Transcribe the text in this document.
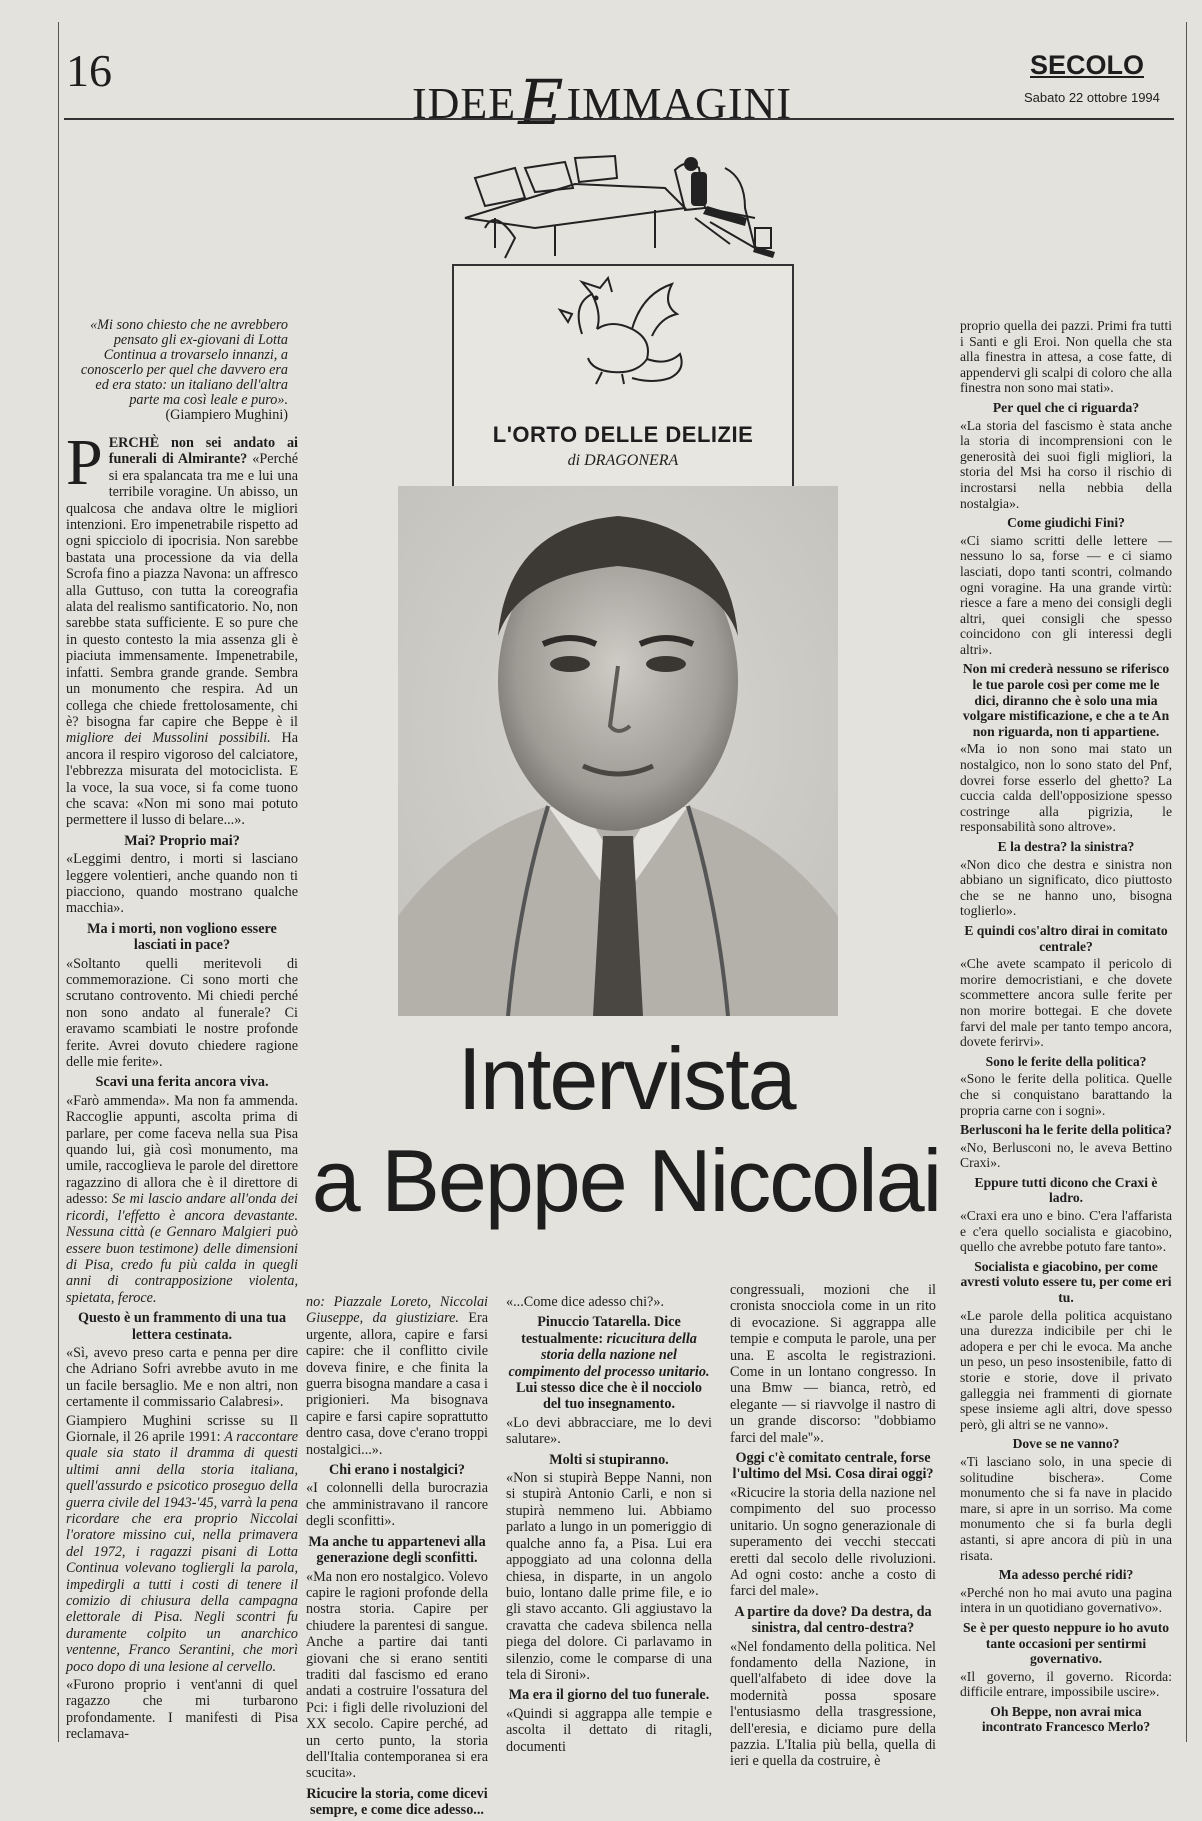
16
IDEEEIMMAGINI
SECOLO
Sabato 22 ottobre 1994
L'ORTO DELLE DELIZIE
di DRAGONERA
Intervista
a Beppe Niccolai
«Mi sono chiesto che ne avrebbero pensato gli ex-giovani di Lotta Continua a trovarselo innanzi, a conoscerlo per quel che davvero era ed era stato: un italiano dell'altra parte ma così leale e puro».
(Giampiero Mughini)
P ERCHÈ non sei andato ai funerali di Almirante? «Perché si era spalancata tra me e lui una terribile voragine. Un abisso, un qualcosa che andava oltre le migliori intenzioni. Ero impenetrabile rispetto ad ogni spicciolo di ipocrisia. Non sarebbe bastata una processione da via della Scrofa fino a piazza Navona: un affresco alla Guttuso, con tutta la coreografia alata del realismo santificatorio. No, non sarebbe stata sufficiente. E so pure che in questo contesto la mia assenza gli è piaciuta immensamente. Impenetrabile, infatti. Sembra grande grande. Sembra un monumento che respira. Ad un collega che chiede frettolosamente, chi è? bisogna far capire che Beppe è il migliore dei Mussolini possibili. Ha ancora il respiro vigoroso del calciatore, l'ebbrezza misurata del motociclista. E la voce, la sua voce, si fa come tuono che scava: «Non mi sono mai potuto permettere il lusso di belare...».

Mai? Proprio mai?

«Leggimi dentro, i morti si lasciano leggere volentieri, anche quando non ti piacciono, quando mostrano qualche macchia».

Ma i morti, non vogliono essere lasciati in pace?

«Soltanto quelli meritevoli di commemorazione. Ci sono morti che scrutano controvento. Mi chiedi perché non sono andato al funerale? Ci eravamo scambiati le nostre profonde ferite. Avrei dovuto chiedere ragione delle mie ferite».

Scavi una ferita ancora viva.

«Farò ammenda». Ma non fa ammenda. Raccoglie appunti, ascolta prima di parlare, per come faceva nella sua Pisa quando lui, già così monumento, ma umile, raccoglieva le parole del direttore ragazzino di allora che è il direttore di adesso: Se mi lascio andare all'onda dei ricordi, l'effetto è ancora devastante. Nessuna città (e Gennaro Malgieri può essere buon testimone) delle dimensioni di Pisa, credo fu più calda in quegli anni di contrapposizione violenta, spietata, feroce.

Questo è un frammento di una tua lettera cestinata.

«Sì, avevo preso carta e penna per dire che Adriano Sofri avrebbe avuto in me un facile bersaglio. Me e non altri, non certamente il commissario Calabresi».

Giampiero Mughini scrisse su Il Giornale, il 26 aprile 1991: A raccontare quale sia stato il dramma di questi ultimi anni della storia italiana, quell'assurdo e psicotico proseguo della guerra civile del 1943-'45, varrà la pena ricordare che era proprio Niccolai l'oratore missino cui, nella primavera del 1972, i ragazzi pisani di Lotta Continua volevano togliergli la parola, impedirgli a tutti i costi di tenere il comizio di chiusura della campagna elettorale di Pisa. Negli scontri fu duramente colpito un anarchico ventenne, Franco Serantini, che morì poco dopo di una lesione al cervello.

«Furono proprio i vent'anni di quel ragazzo che mi turbarono profondamente. I manifesti di Pisa reclamava-

no: Piazzale Loreto, Niccolai Giuseppe, da giustiziare. Era urgente, allora, capire e farsi capire: che il conflitto civile doveva finire, e che finita la guerra bisogna mandare a casa i prigionieri. Ma bisognava capire e farsi capire soprattutto dentro casa, dove c'erano troppi nostalgici...».

Chi erano i nostalgici?

«I colonnelli della burocrazia che amministravano il rancore degli sconfitti».

Ma anche tu appartenevi alla generazione degli sconfitti.

«Ma non ero nostalgico. Volevo capire le ragioni profonde della nostra storia. Capire per chiudere la parentesi di sangue. Anche a partire dai tanti giovani che si erano sentiti traditi dal fascismo ed erano andati a costruire l'ossatura del Pci: i figli delle rivoluzioni del XX secolo. Capire perché, ad un certo punto, la storia dell'Italia contemporanea si era scucita».

Ricucire la storia, come dicevi sempre, e come dice adesso...

«...Come dice adesso chi?».

Pinuccio Tatarella. Dice testualmente: ricucitura della storia della nazione nel compimento del processo unitario. Lui stesso dice che è il nocciolo del tuo insegnamento.

«Lo devi abbracciare, me lo devi salutare».

Molti si stupiranno.

«Non si stupirà Beppe Nanni, non si stupirà Antonio Carli, e non si stupirà nemmeno lui. Abbiamo parlato a lungo in un pomeriggio di qualche anno fa, a Pisa. Lui era appoggiato ad una colonna della chiesa, in disparte, in un angolo buio, lontano dalle prime file, e io gli stavo accanto. Gli aggiustavo la cravatta che cadeva sbilenca nella piega del dolore. Ci parlavamo in silenzio, come le comparse di una tela di Sironi».

Ma era il giorno del tuo funerale.

«Quindi si aggrappa alle tempie e ascolta il dettato di ritagli, documenti

congressuali, mozioni che il cronista snocciola come in un rito di evocazione. Si aggrappa alle tempie e computa le parole, una per una. E ascolta le registrazioni. Come in un lontano congresso. In una Bmw — bianca, retrò, ed elegante — si riavvolge il nastro di un grande discorso: ''dobbiamo farci del male''».

Oggi c'è comitato centrale, forse l'ultimo del Msi. Cosa dirai oggi?

«Ricucire la storia della nazione nel compimento del suo processo unitario. Un sogno generazionale di superamento dei vecchi steccati eretti dal secolo delle rivoluzioni. Ad ogni costo: anche a costo di farci del male».

A partire da dove? Da destra, da sinistra, dal centro-destra?

«Nel fondamento della politica. Nel fondamento della Nazione, in quell'alfabeto di idee dove la modernità possa sposare l'entusiasmo della trasgressione, dell'eresia, e diciamo pure della pazzia. L'Italia più bella, quella di ieri e quella da costruire, è

proprio quella dei pazzi. Primi fra tutti i Santi e gli Eroi. Non quella che sta alla finestra in attesa, a cose fatte, di appendervi gli scalpi di coloro che alla finestra non sono mai stati».

Per quel che ci riguarda?

«La storia del fascismo è stata anche la storia di incomprensioni con le generosità dei suoi figli migliori, la storia del Msi ha corso il rischio di incrostarsi nella nebbia della nostalgia».

Come giudichi Fini?

«Ci siamo scritti delle lettere — nessuno lo sa, forse — e ci siamo lasciati, dopo tanti scontri, colmando ogni voragine. Ha una grande virtù: riesce a fare a meno dei consigli degli altri, quei consigli che spesso coincidono con gli interessi degli altri».

Non mi crederà nessuno se riferisco le tue parole così per come me le dici, diranno che è solo una mia volgare mistificazione, e che a te An non riguarda, non ti appartiene.

«Ma io non sono mai stato un nostalgico, non lo sono stato del Pnf, dovrei forse esserlo del ghetto? La cuccia calda dell'opposizione spesso costringe alla pigrizia, le responsabilità sono altrove».

E la destra? la sinistra?

«Non dico che destra e sinistra non abbiano un significato, dico piuttosto che se ne hanno uno, bisogna toglierlo».

E quindi cos'altro dirai in comitato centrale?

«Che avete scampato il pericolo di morire democristiani, e che dovete scommettere ancora sulle ferite per non morire bottegai. E che dovete farvi del male per tanto tempo ancora, dovete ferirvi».

Sono le ferite della politica?

«Sono le ferite della politica. Quelle che si conquistano barattando la propria carne con i sogni».

Berlusconi ha le ferite della politica?

«No, Berlusconi no, le aveva Bettino Craxi».

Eppure tutti dicono che Craxi è ladro.

«Craxi era uno e bino. C'era l'affarista e c'era quello socialista e giacobino, quello che avrebbe potuto fare tanto».

Socialista e giacobino, per come avresti voluto essere tu, per come eri tu.

«Le parole della politica acquistano una durezza indicibile per chi le adopera e per chi le evoca. Ma anche un peso, un peso insostenibile, fatto di storie e storie, dove il privato galleggia nei frammenti di giornate spese insieme agli altri, dove spesso però, gli altri se ne vanno».

Dove se ne vanno?

«Ti lasciano solo, in una specie di solitudine bischera». Come monumento che si fa nave in placido mare, si apre in un sorriso. Ma come monumento che si fa burla degli astanti, si apre ancora di più in una risata.

Ma adesso perché ridi?

«Perché non ho mai avuto una pagina intera in un quotidiano governativo».

Se è per questo neppure io ho avuto tante occasioni per sentirmi governativo.

«Il governo, il governo. Ricorda: difficile entrare, impossibile uscire».

Oh Beppe, non avrai mica incontrato Francesco Merlo?
